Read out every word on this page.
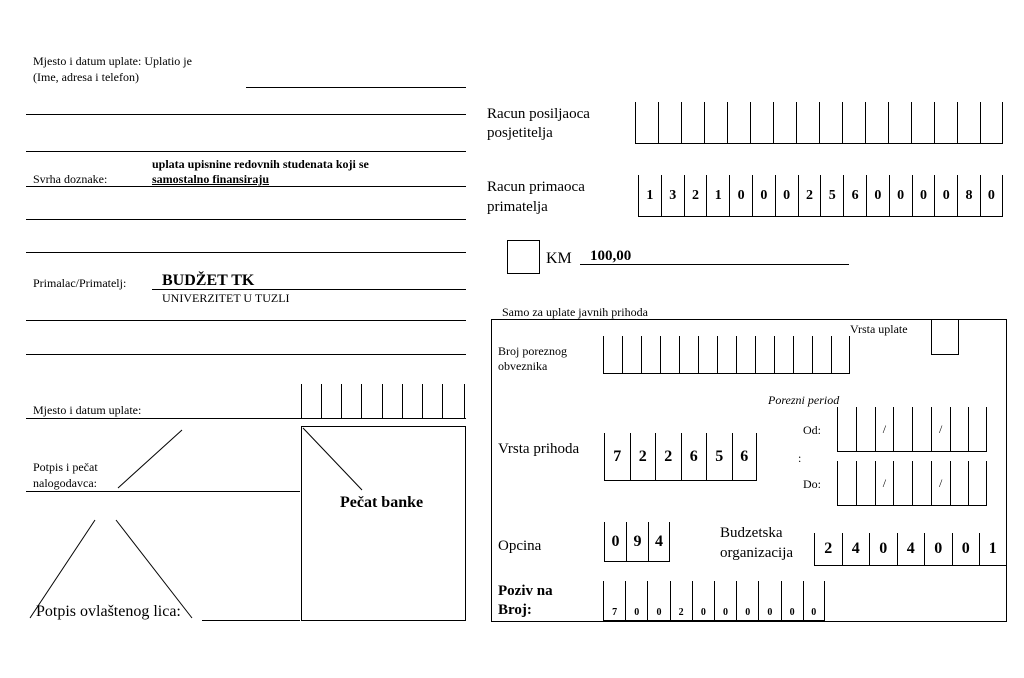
Mjesto i datum uplate: Uplatio je
(Ime, adresa i telefon)
uplata upisnine redovnih studenata koji se
samostalno finansiraju
Svrha doznake:
Primalac/Primatelj: BUDŽET TK
UNIVERZITET U TUZLI
Mjesto i datum uplate:
Potpis i pečat
nalogodavca:
Pečat banke
Potpis ovlaštenog lica:
Racun posiljaoca
posjetitelja
Racun primaoca
primatelja
1	3	2	1	0	0	0	2	5	6	0	0	0	0	8	0
KM 100,00
Samo za uplate javnih prihoda
Vrsta uplate
Broj poreznog
obveznika
Porezni period
Vrsta prihoda	7	2	2	6	5	6
Od:	/	/
:
Do:	/	/
Opcina	0 9 4	Budzetska
organizacija	2	4	0	4	0	0	1
Poziv na
Broj:	7	0	0	2	0	0	0	0	0	0
